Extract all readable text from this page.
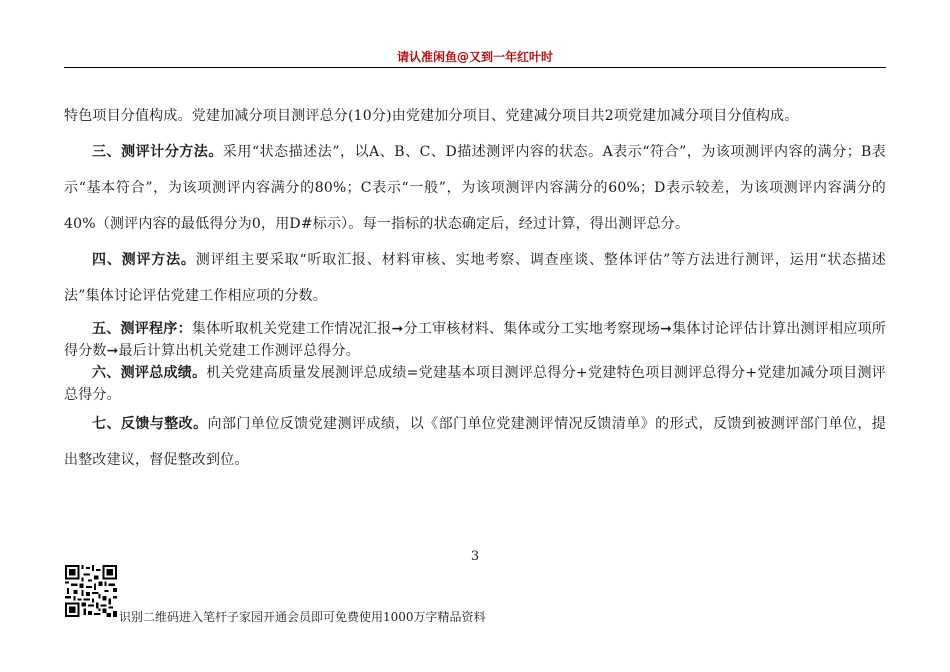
请认准闲鱼@又到一年红叶时

特色项目分值构成。党建加减分项目测评总分(10分)由党建加分项目、党建减分项目共2项党建加减分项目分值构成。

三、测评计分方法。采用“状态描述法”，以A、B、C、D描述测评内容的状态。A表示“符合”，为该项测评内容的满分；B表示“基本符合”，为该项测评内容满分的80%；C表示“一般”，为该项测评内容满分的60%；D表示较差，为该项测评内容满分的40%（测评内容的最低得分为0，用D#标示）。每一指标的状态确定后，经过计算，得出测评总分。

四、测评方法。测评组主要采取“听取汇报、材料审核、实地考察、调查座谈、整体评估”等方法进行测评，运用“状态描述法”集体讨论评估党建工作相应项的分数。

五、测评程序：集体听取机关党建工作情况汇报➞分工审核材料、集体或分工实地考察现场➞集体讨论评估计算出测评相应项所得分数➞最后计算出机关党建工作测评总得分。

六、测评总成绩。机关党建高质量发展测评总成绩=党建基本项目测评总得分+党建特色项目测评总得分+党建加减分项目测评总得分。

七、反馈与整改。向部门单位反馈党建测评成绩，以《部门单位党建测评情况反馈清单》的形式，反馈到被测评部门单位，提出整改建议，督促整改到位。

3
识别二维码进入笔杆子家园开通会员即可免费使用1000万字精品资料
